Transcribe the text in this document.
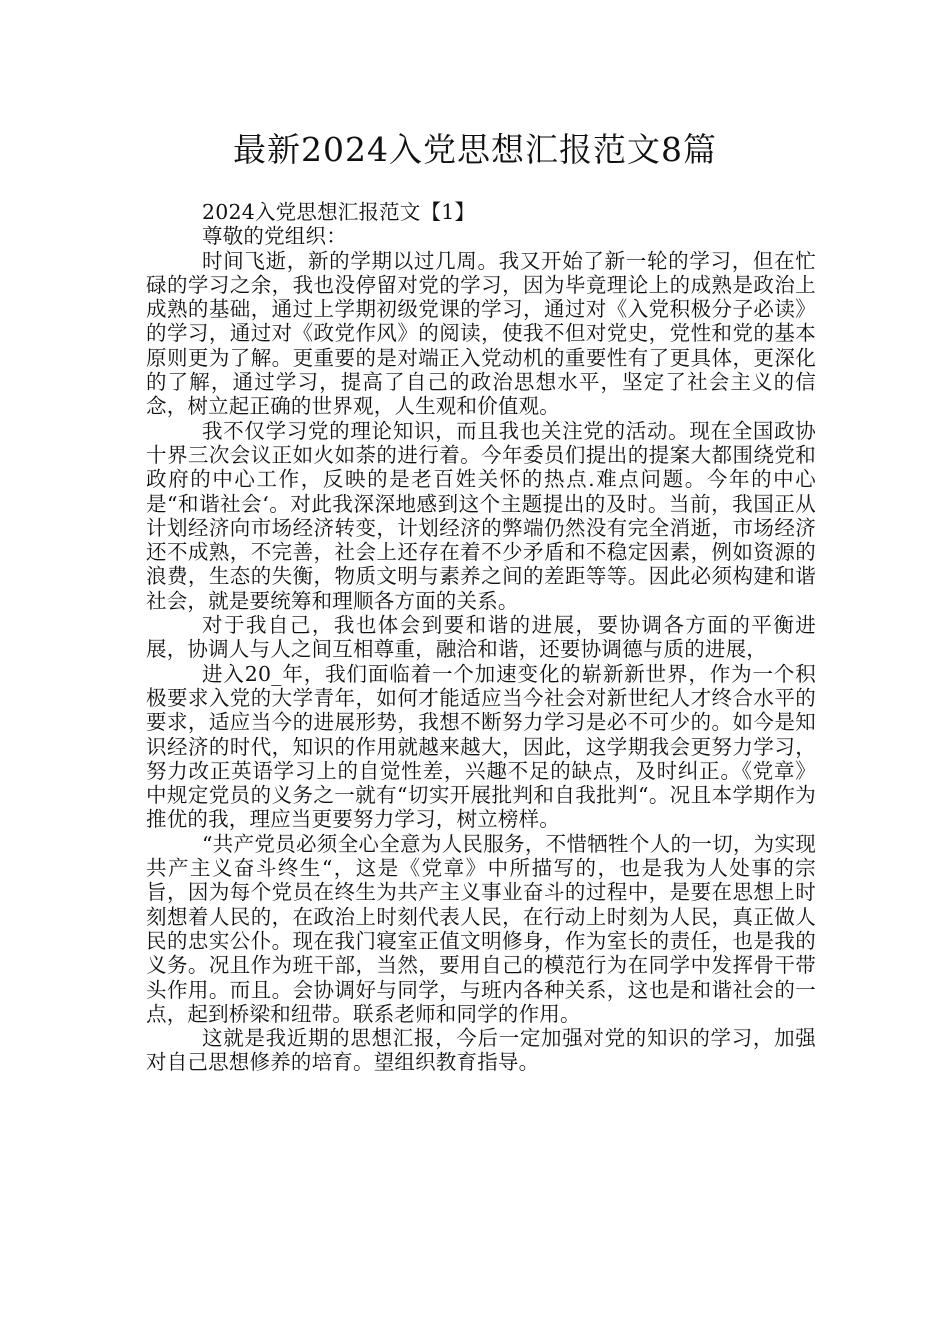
最新2024入党思想汇报范文8篇

2024入党思想汇报范文【1】

尊敬的党组织：

时间飞逝，新的学期以过几周。我又开始了新一轮的学习，但在忙碌的学习之余，我也没停留对党的学习，因为毕竟理论上的成熟是政治上成熟的基础，通过上学期初级党课的学习，通过对《入党积极分子必读》的学习，通过对《政党作风》的阅读，使我不但对党史，党性和党的基本原则更为了解。更重要的是对端正入党动机的重要性有了更具体，更深化的了解，通过学习，提高了自己的政治思想水平，坚定了社会主义的信念，树立起正确的世界观，人生观和价值观。

我不仅学习党的理论知识，而且我也关注党的活动。现在全国政协十界三次会议正如火如荼的进行着。今年委员们提出的提案大都围绕党和政府的中心工作，反映的是老百姓关怀的热点.难点问题。今年的中心是“和谐社会‘。对此我深深地感到这个主题提出的及时。当前，我国正从计划经济向市场经济转变，计划经济的弊端仍然没有完全消逝，市场经济还不成熟，不完善，社会上还存在着不少矛盾和不稳定因素，例如资源的浪费，生态的失衡，物质文明与素养之间的差距等等。因此必须构建和谐社会，就是要统筹和理顺各方面的关系。

对于我自己，我也体会到要和谐的进展，要协调各方面的平衡进展，协调人与人之间互相尊重，融洽和谐，还要协调德与质的进展，

进入20_年，我们面临着一个加速变化的崭新新世界，作为一个积极要求入党的大学青年，如何才能适应当今社会对新世纪人才终合水平的要求，适应当今的进展形势，我想不断努力学习是必不可少的。如今是知识经济的时代，知识的作用就越来越大，因此，这学期我会更努力学习，努力改正英语学习上的自觉性差，兴趣不足的缺点，及时纠正。《党章》中规定党员的义务之一就有“切实开展批判和自我批判“。况且本学期作为推优的我，理应当更要努力学习，树立榜样。

“共产党员必须全心全意为人民服务，不惜牺牲个人的一切，为实现共产主义奋斗终生“，这是《党章》中所描写的，也是我为人处事的宗旨，因为每个党员在终生为共产主义事业奋斗的过程中，是要在思想上时刻想着人民的，在政治上时刻代表人民，在行动上时刻为人民，真正做人民的忠实公仆。现在我门寝室正值文明修身，作为室长的责任，也是我的义务。况且作为班干部，当然，要用自己的模范行为在同学中发挥骨干带头作用。而且。会协调好与同学，与班内各种关系，这也是和谐社会的一点，起到桥梁和纽带。联系老师和同学的作用。

这就是我近期的思想汇报，今后一定加强对党的知识的学习，加强对自己思想修养的培育。望组织教育指导。
